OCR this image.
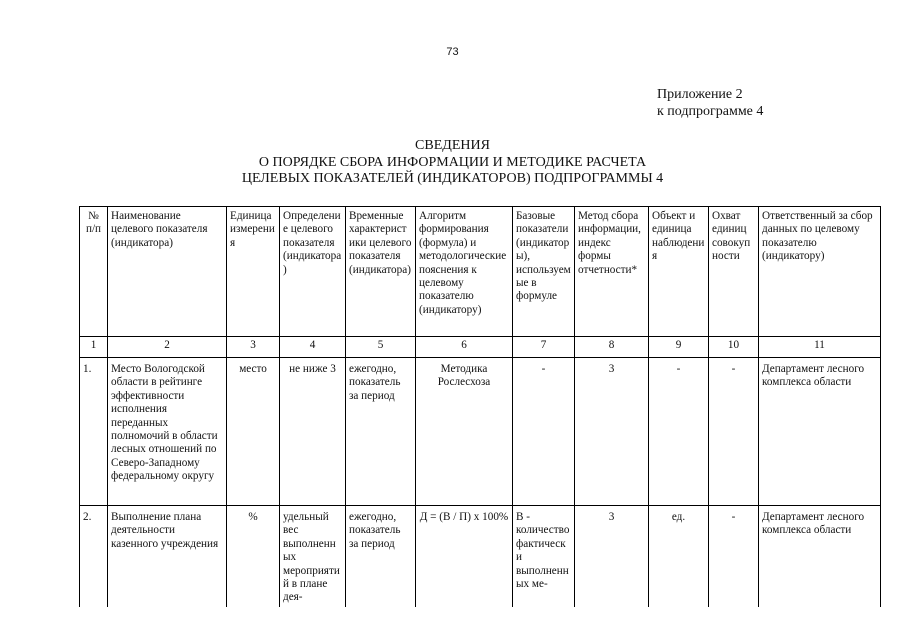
73
Приложение 2
к подпрограмме 4
СВЕДЕНИЯ
О ПОРЯДКЕ СБОРА ИНФОРМАЦИИ И МЕТОДИКЕ РАСЧЕТА
ЦЕЛЕВЫХ ПОКАЗАТЕЛЕЙ (ИНДИКАТОРОВ) ПОДПРОГРАММЫ 4
№ п/п	Наименование целевого показателя (индикатора)	Единица измерения	Определение целевого показателя (индикатора)	Временные характеристики целевого показателя (индикатора)	Алгоритм формирования (формула) и методологические пояснения к целевому показателю (индикатору)	Базовые показатели (индикаторы), используемые в формуле	Метод сбора информации, индекс формы отчетности*	Объект и единица наблюдения	Охват единиц совокупности	Ответственный за сбор данных по целевому показателю (индикатору)
1	2	3	4	5	6	7	8	9	10	11
1.	Место Вологодской области в рейтинге эффективности исполнения переданных полномочий в области лесных отношений по Северо-Западному федеральному округу	место	не ниже 3	ежегодно, показатель за период	Методика Рослесхоза	-	3	-	-	Департамент лесного комплекса области
2.	Выполнение плана деятельности казенного учреждения	%	удельный вес выполненных мероприятий в плане дея-	ежегодно, показатель за период	Д = (В / П) х 100%	В - количество фактически выполненных ме-	3	ед.	-	Департамент лесного комплекса области
